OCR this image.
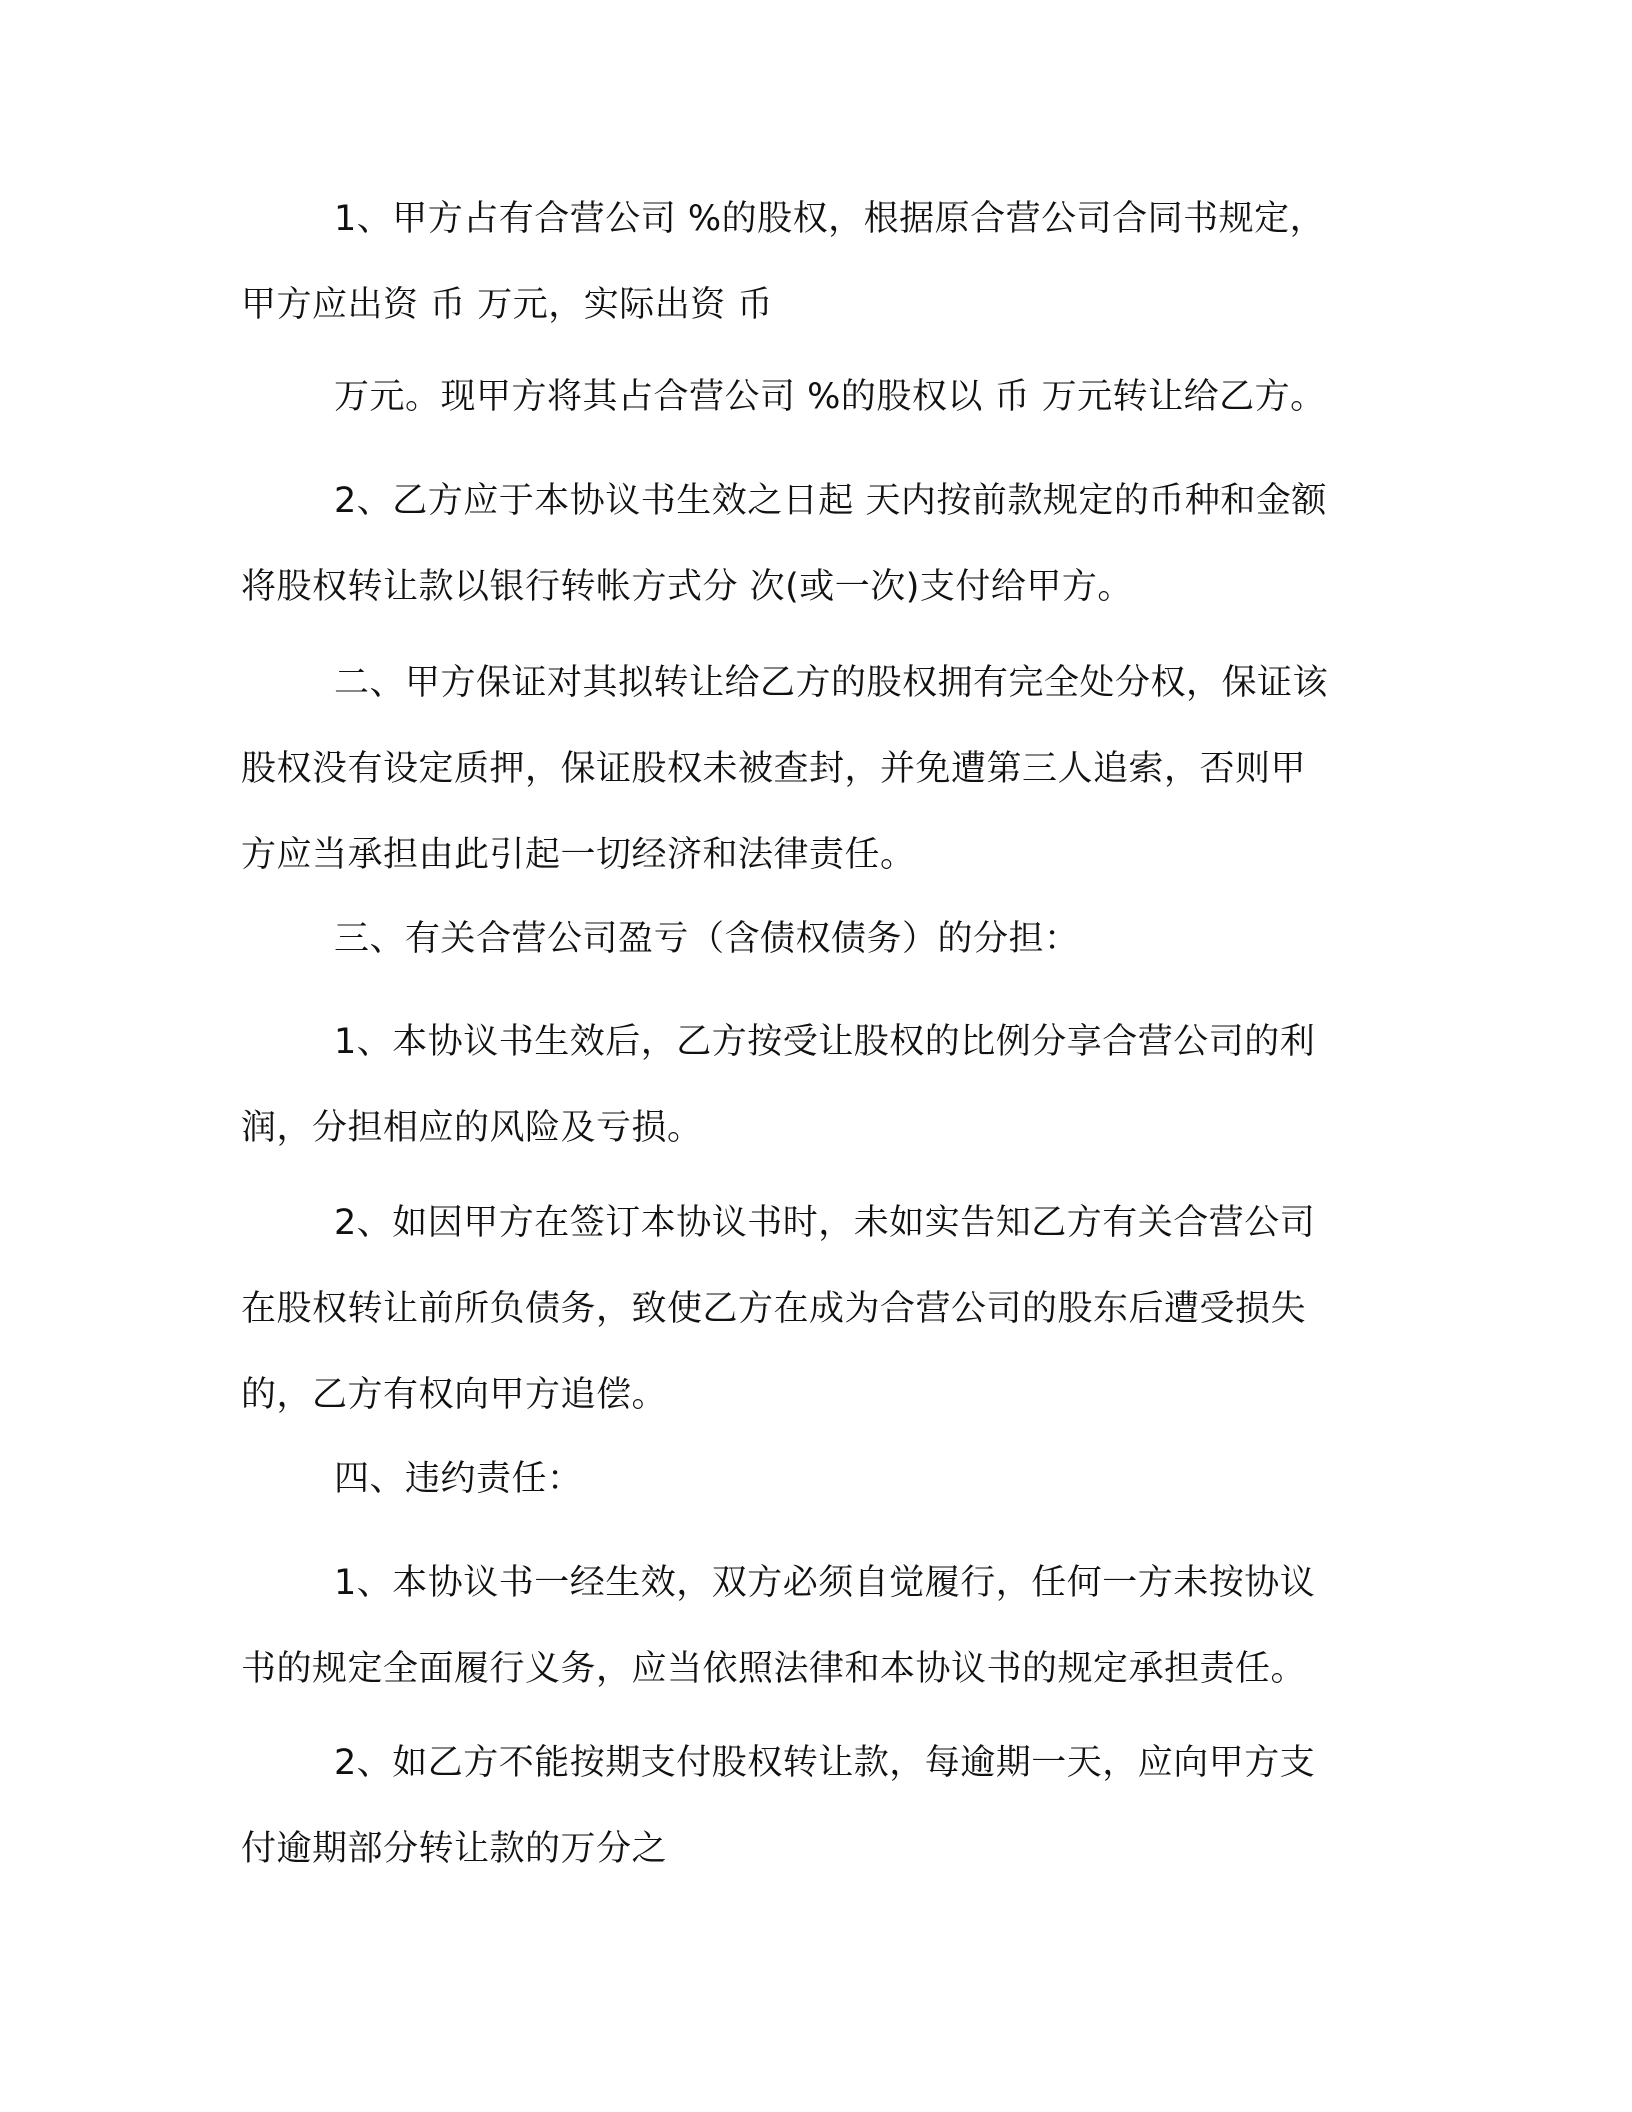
1、甲方占有合营公司 %的股权，根据原合营公司合同书规定，
甲方应出资 币 万元，实际出资 币
万元。现甲方将其占合营公司 %的股权以 币 万元转让给乙方。
2、乙方应于本协议书生效之日起 天内按前款规定的币种和金额
将股权转让款以银行转帐方式分 次(或一次)支付给甲方。
二、甲方保证对其拟转让给乙方的股权拥有完全处分权，保证该
股权没有设定质押，保证股权未被查封，并免遭第三人追索，否则甲
方应当承担由此引起一切经济和法律责任。
三、有关合营公司盈亏（含债权债务）的分担：
1、本协议书生效后，乙方按受让股权的比例分享合营公司的利
润，分担相应的风险及亏损。
2、如因甲方在签订本协议书时，未如实告知乙方有关合营公司
在股权转让前所负债务，致使乙方在成为合营公司的股东后遭受损失
的，乙方有权向甲方追偿。
四、违约责任：
1、本协议书一经生效，双方必须自觉履行，任何一方未按协议
书的规定全面履行义务，应当依照法律和本协议书的规定承担责任。
2、如乙方不能按期支付股权转让款，每逾期一天，应向甲方支
付逾期部分转让款的万分之
